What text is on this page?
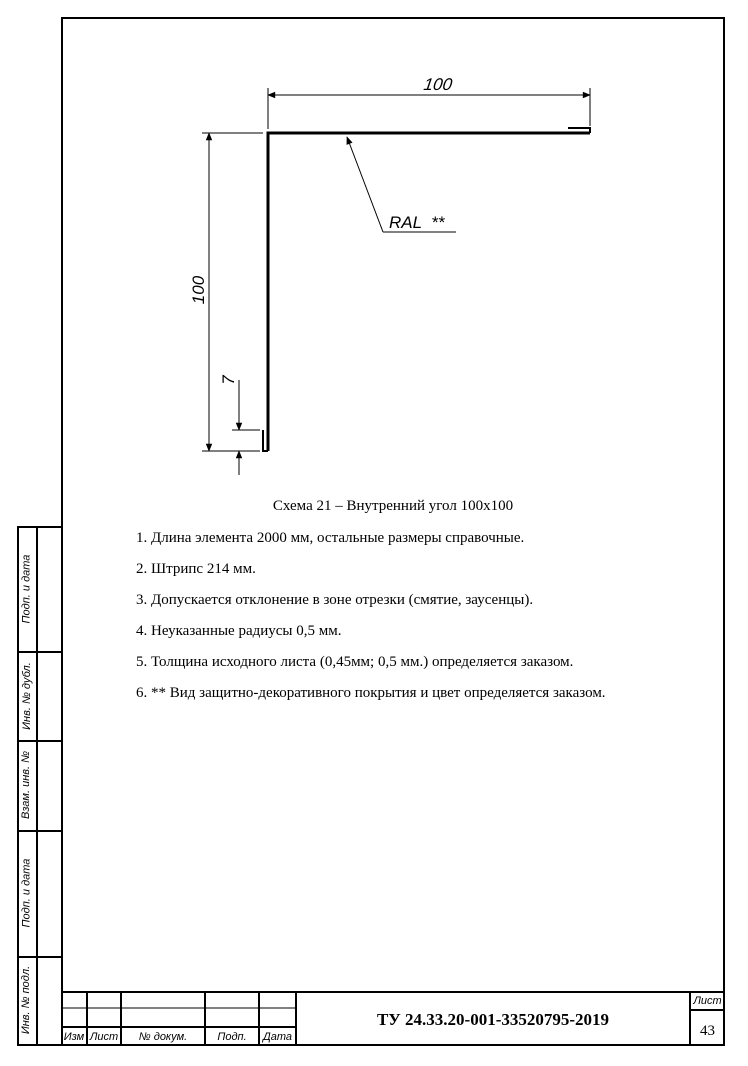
Подп. и дата
Инв. № дубл.
Взам. инв. №
Подп. и дата
Инв. № подл.
100
100
7
RAL  **
Схема 21 – Внутренний угол 100х100
1. Длина элемента 2000 мм, остальные размеры справочные.
2. Штрипс 214 мм.
3. Допускается отклонение в зоне отрезки (смятие, заусенцы).
4. Неуказанные радиусы 0,5 мм.
5. Толщина исходного листа (0,45мм; 0,5 мм.) определяется заказом.
6. ** Вид защитно-декоративного покрытия и цвет определяется заказом.
Изм Лист	№ докум.	Подп.	Дата
ТУ 24.33.20-001-33520795-2019
Лист
43
